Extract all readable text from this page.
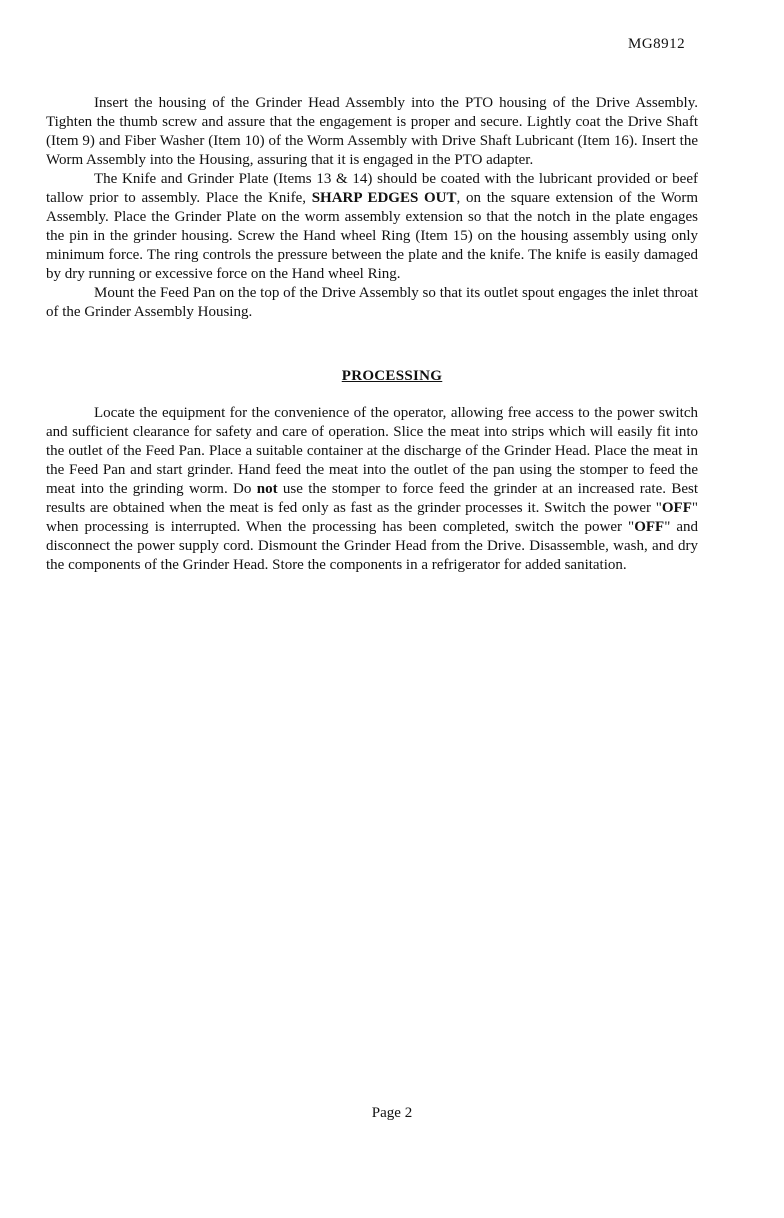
MG8912

Insert the housing of the Grinder Head Assembly into the PTO housing of the Drive Assembly. Tighten the thumb screw and assure that the engagement is proper and secure. Lightly coat the Drive Shaft (Item 9) and Fiber Washer (Item 10) of the Worm Assembly with Drive Shaft Lubricant (Item 16). Insert the Worm Assembly into the Housing, assuring that it is engaged in the PTO adapter.

The Knife and Grinder Plate (Items 13 & 14) should be coated with the lubricant provided or beef tallow prior to assembly. Place the Knife, SHARP EDGES OUT, on the square extension of the Worm Assembly. Place the Grinder Plate on the worm assembly extension so that the notch in the plate engages the pin in the grinder housing. Screw the Hand wheel Ring (Item 15) on the housing assembly using only minimum force. The ring controls the pressure between the plate and the knife. The knife is easily damaged by dry running or excessive force on the Hand wheel Ring.

Mount the Feed Pan on the top of the Drive Assembly so that its outlet spout engages the inlet throat of the Grinder Assembly Housing.

PROCESSING

Locate the equipment for the convenience of the operator, allowing free access to the power switch and sufficient clearance for safety and care of operation. Slice the meat into strips which will easily fit into the outlet of the Feed Pan. Place a suitable container at the discharge of the Grinder Head. Place the meat in the Feed Pan and start grinder. Hand feed the meat into the outlet of the pan using the stomper to feed the meat into the grinding worm. Do not use the stomper to force feed the grinder at an increased rate. Best results are obtained when the meat is fed only as fast as the grinder processes it. Switch the power "OFF" when processing is interrupted. When the processing has been completed, switch the power "OFF" and disconnect the power supply cord. Dismount the Grinder Head from the Drive. Disassemble, wash, and dry the components of the Grinder Head. Store the components in a refrigerator for added sanitation.

Page 2
